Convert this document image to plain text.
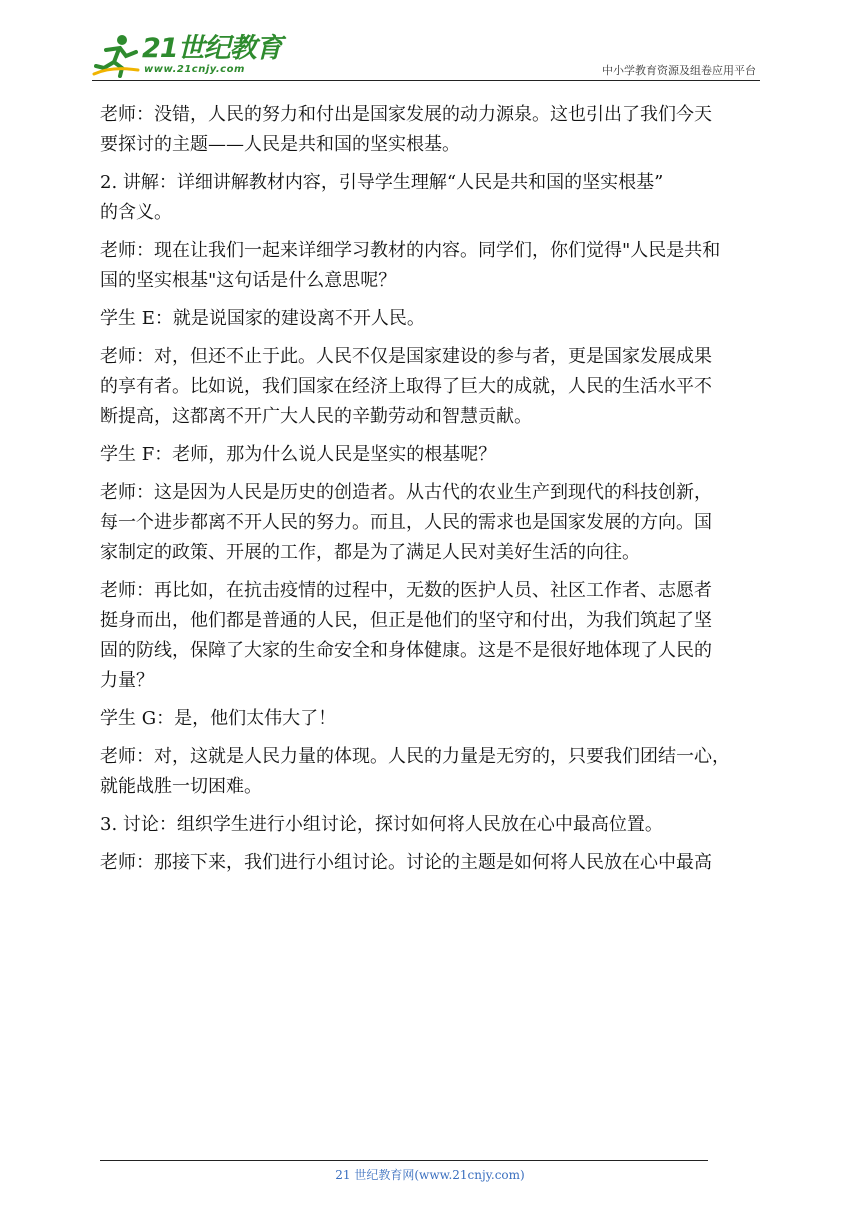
21世纪教育
www.21cnjy.com	中小学教育资源及组卷应用平台

老师：没错，人民的努力和付出是国家发展的动力源泉。这也引出了我们今天

要探讨的主题——人民是共和国的坚实根基。

2. 讲解：详细讲解教材内容，引导学生理解“人民是共和国的坚实根基”

的含义。

老师：现在让我们一起来详细学习教材的内容。同学们，你们觉得"人民是共和

国的坚实根基"这句话是什么意思呢？

学生 E：就是说国家的建设离不开人民。

老师：对，但还不止于此。人民不仅是国家建设的参与者，更是国家发展成果

的享有者。比如说，我们国家在经济上取得了巨大的成就，人民的生活水平不

断提高，这都离不开广大人民的辛勤劳动和智慧贡献。

学生 F：老师，那为什么说人民是坚实的根基呢？

老师：这是因为人民是历史的创造者。从古代的农业生产到现代的科技创新，

每一个进步都离不开人民的努力。而且，人民的需求也是国家发展的方向。国

家制定的政策、开展的工作，都是为了满足人民对美好生活的向往。

老师：再比如，在抗击疫情的过程中，无数的医护人员、社区工作者、志愿者

挺身而出，他们都是普通的人民，但正是他们的坚守和付出，为我们筑起了坚

固的防线，保障了大家的生命安全和身体健康。这是不是很好地体现了人民的

力量？

学生 G：是，他们太伟大了！

老师：对，这就是人民力量的体现。人民的力量是无穷的，只要我们团结一心，

就能战胜一切困难。

3. 讨论：组织学生进行小组讨论，探讨如何将人民放在心中最高位置。

老师：那接下来，我们进行小组讨论。讨论的主题是如何将人民放在心中最高

21 世纪教育网(www.21cnjy.com)
